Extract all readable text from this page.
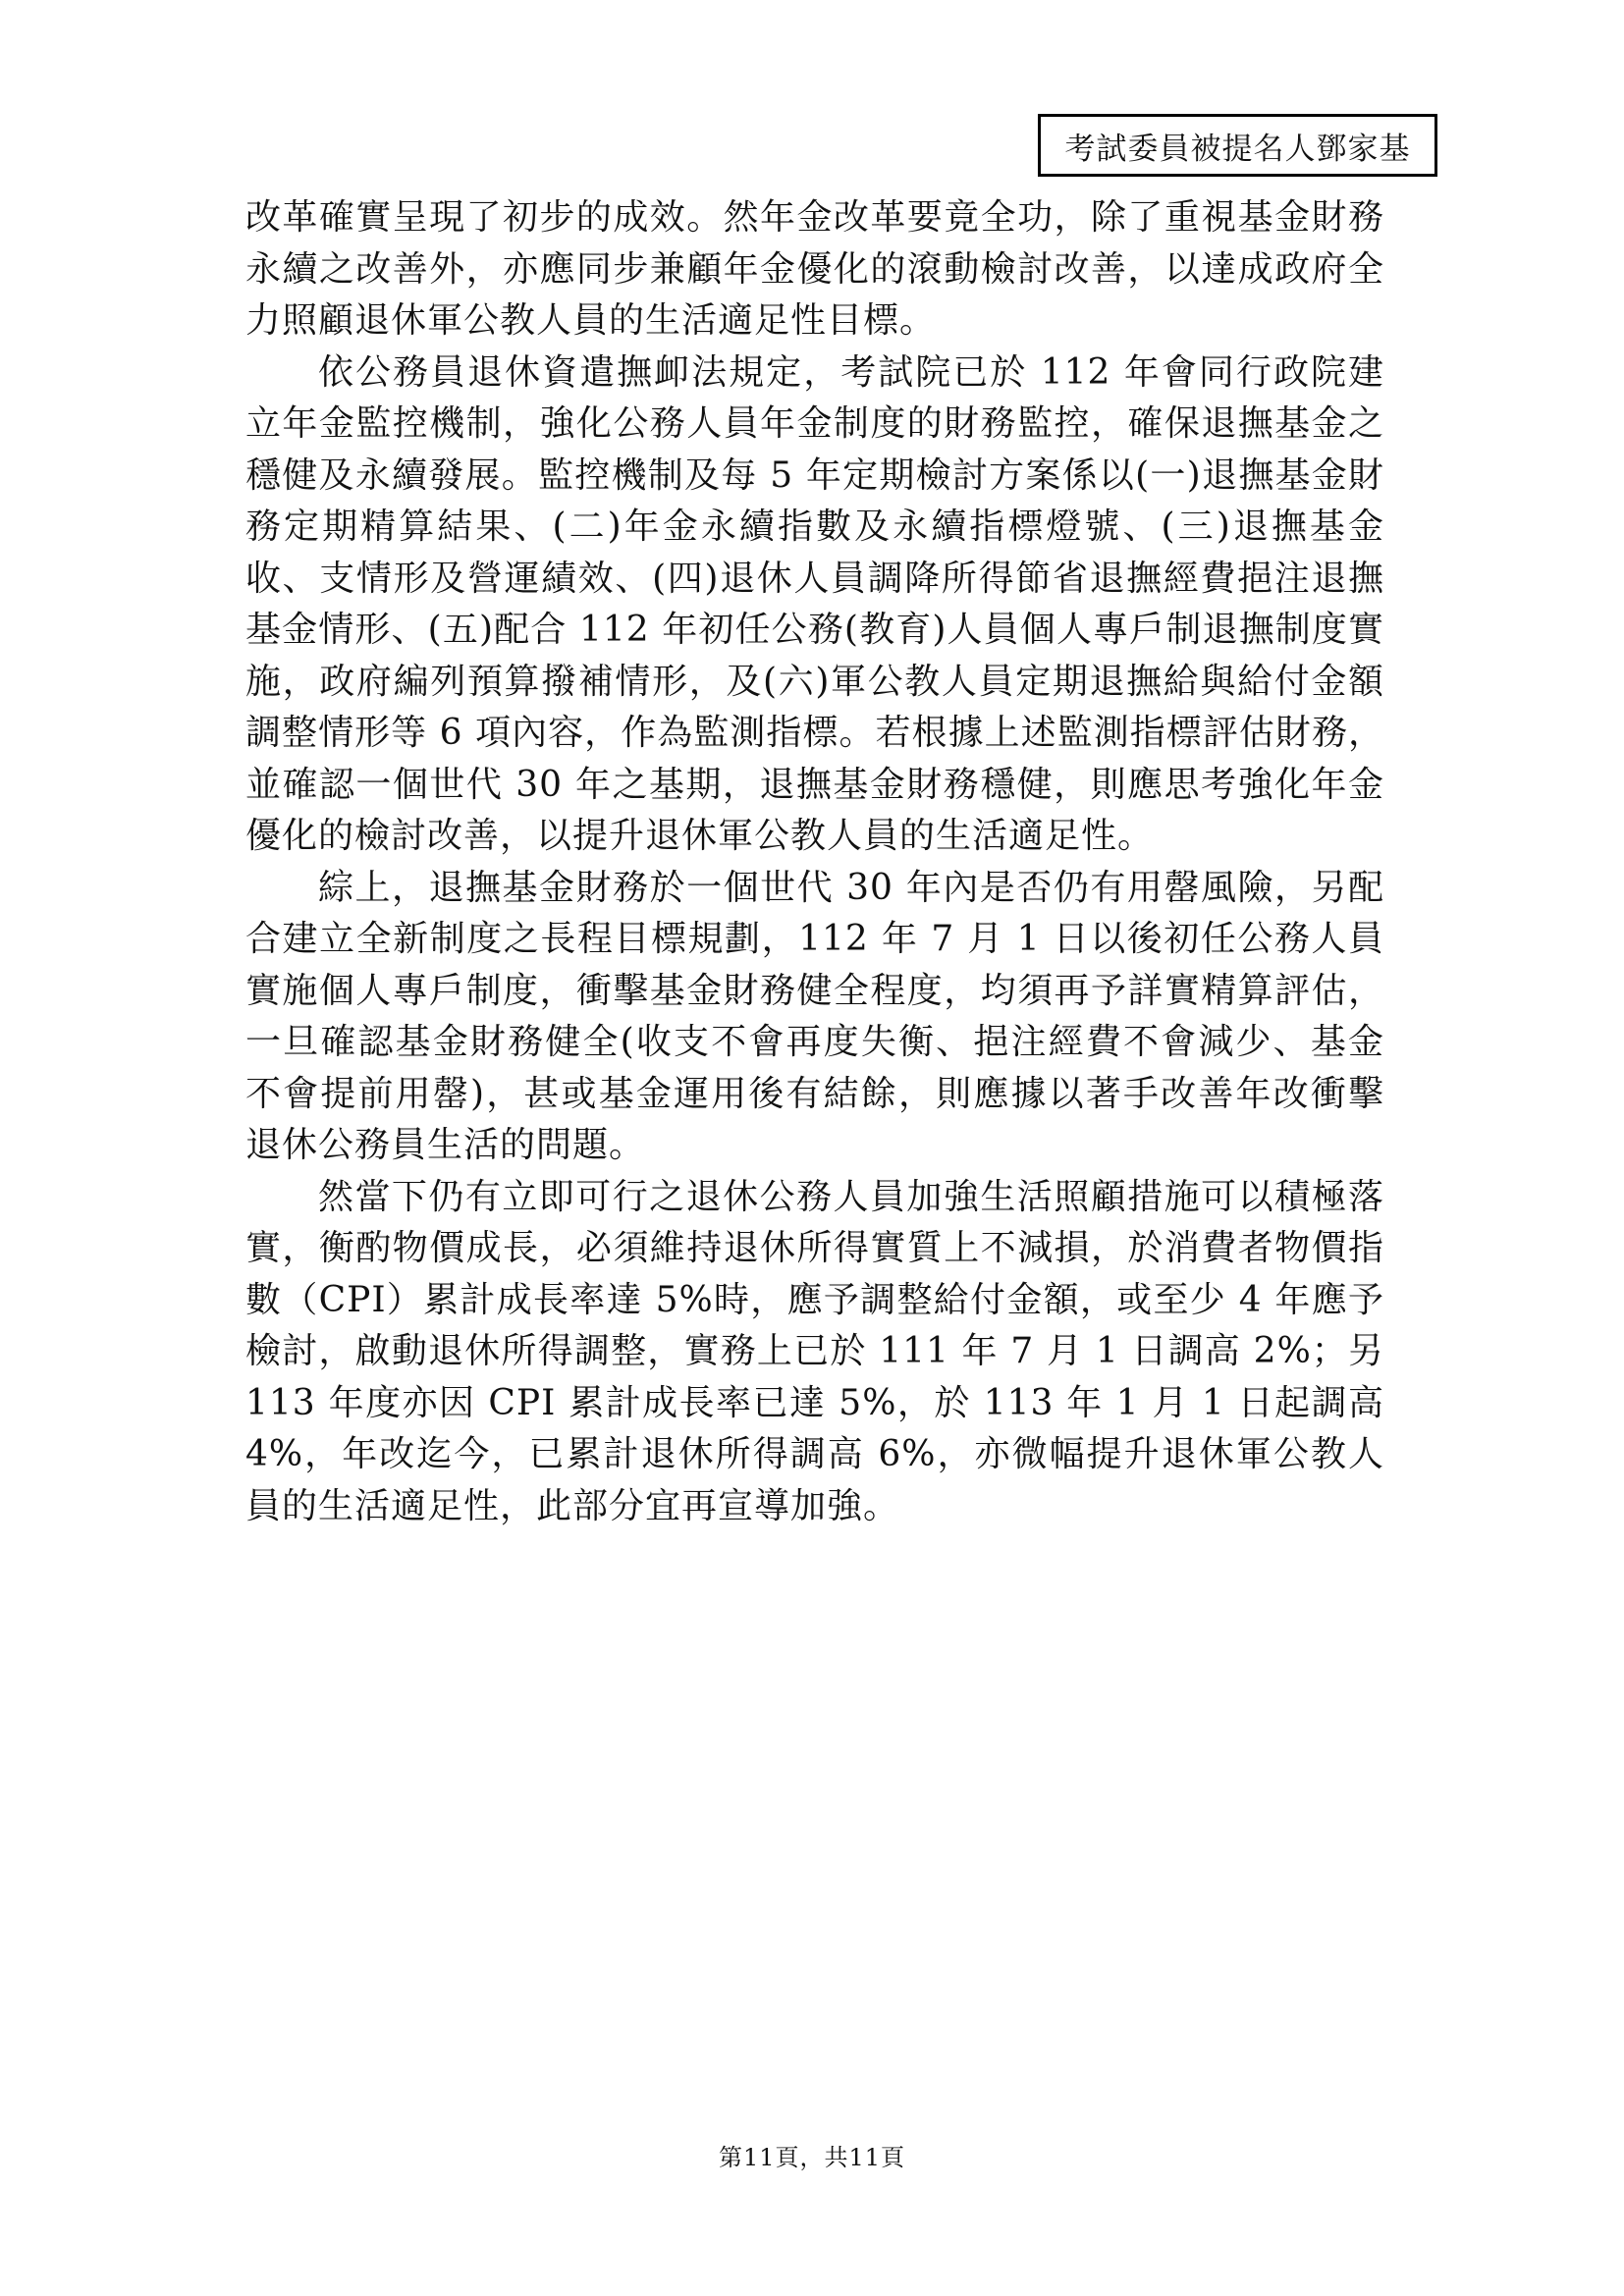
考試委員被提名人鄧家基

改革確實呈現了初步的成效。然年金改革要竟全功，除了重視基金財務永續之改善外，亦應同步兼顧年金優化的滾動檢討改善，以達成政府全力照顧退休軍公教人員的生活適足性目標。

依公務員退休資遣撫卹法規定，考試院已於 112 年會同行政院建立年金監控機制，強化公務人員年金制度的財務監控，確保退撫基金之穩健及永續發展。監控機制及每 5 年定期檢討方案係以(一)退撫基金財務定期精算結果、(二)年金永續指數及永續指標燈號、(三)退撫基金收、支情形及營運績效、(四)退休人員調降所得節省退撫經費挹注退撫基金情形、(五)配合 112 年初任公務(教育)人員個人專戶制退撫制度實施，政府編列預算撥補情形，及(六)軍公教人員定期退撫給與給付金額調整情形等 6 項內容，作為監測指標。若根據上述監測指標評估財務，並確認一個世代 30 年之基期，退撫基金財務穩健，則應思考強化年金優化的檢討改善，以提升退休軍公教人員的生活適足性。

綜上，退撫基金財務於一個世代 30 年內是否仍有用罄風險，另配合建立全新制度之長程目標規劃，112 年 7 月 1 日以後初任公務人員實施個人專戶制度，衝擊基金財務健全程度，均須再予詳實精算評估，一旦確認基金財務健全(收支不會再度失衡、挹注經費不會減少、基金不會提前用罄)，甚或基金運用後有結餘，則應據以著手改善年改衝擊退休公務員生活的問題。

然當下仍有立即可行之退休公務人員加強生活照顧措施可以積極落實，衡酌物價成長，必須維持退休所得實質上不減損，於消費者物價指數（CPI）累計成長率達 5%時，應予調整給付金額，或至少 4 年應予檢討，啟動退休所得調整，實務上已於 111 年 7 月 1 日調高 2%；另 113 年度亦因 CPI 累計成長率已達 5%，於 113 年 1 月 1 日起調高 4%，年改迄今，已累計退休所得調高 6%，亦微幅提升退休軍公教人員的生活適足性，此部分宜再宣導加強。

第11頁，共11頁
